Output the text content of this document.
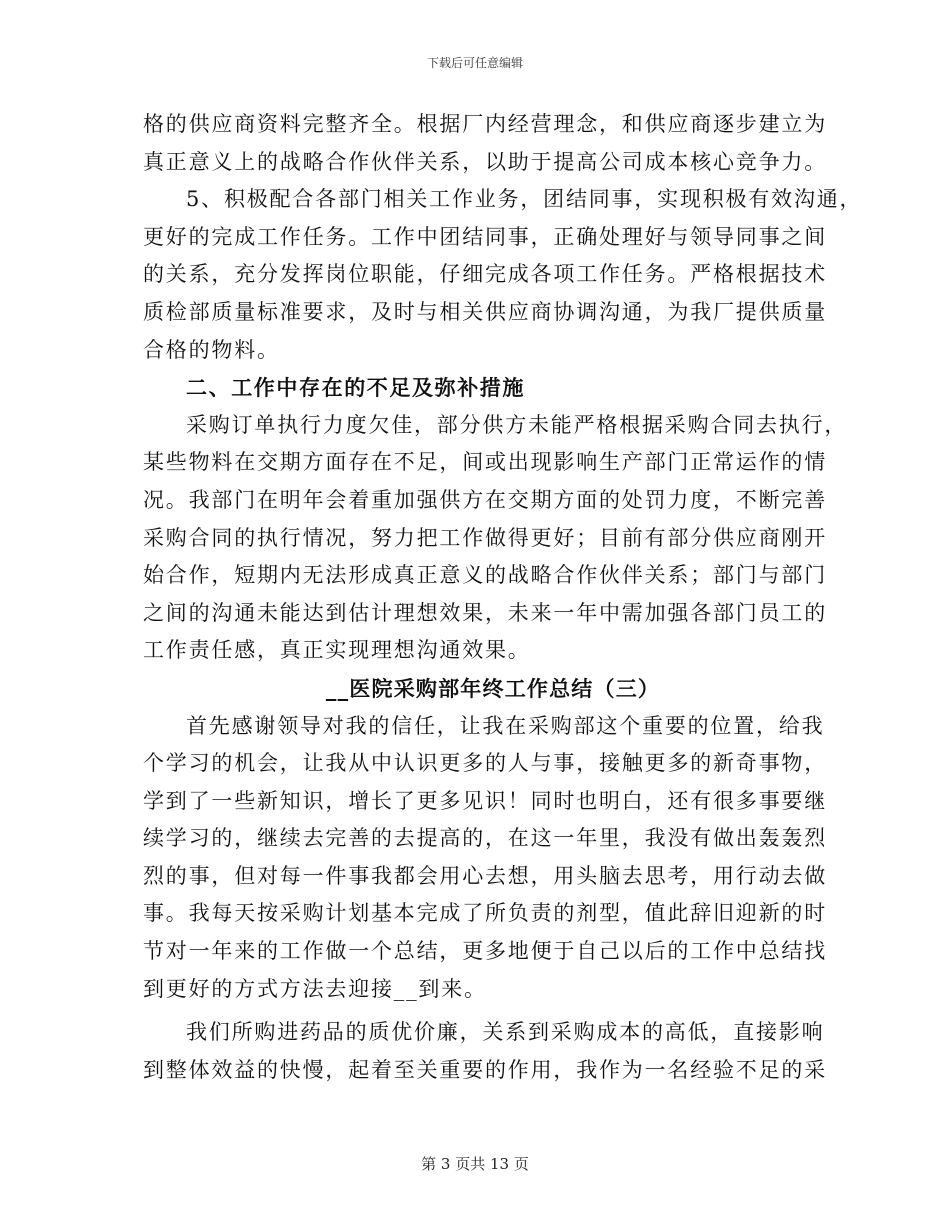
下载后可任意编辑
格的供应商资料完整齐全。根据厂内经营理念，和供应商逐步建立为
真正意义上的战略合作伙伴关系，以助于提高公司成本核心竞争力。
5、积极配合各部门相关工作业务，团结同事，实现积极有效沟通，
更好的完成工作任务。工作中团结同事，正确处理好与领导同事之间
的关系，充分发挥岗位职能，仔细完成各项工作任务。严格根据技术
质检部质量标准要求，及时与相关供应商协调沟通，为我厂提供质量
合格的物料。
二、工作中存在的不足及弥补措施
采购订单执行力度欠佳，部分供方未能严格根据采购合同去执行，
某些物料在交期方面存在不足，间或出现影响生产部门正常运作的情
况。我部门在明年会着重加强供方在交期方面的处罚力度，不断完善
采购合同的执行情况，努力把工作做得更好；目前有部分供应商刚开
始合作，短期内无法形成真正意义的战略合作伙伴关系；部门与部门
之间的沟通未能达到估计理想效果，未来一年中需加强各部门员工的
工作责任感，真正实现理想沟通效果。
__医院采购部年终工作总结（三）
首先感谢领导对我的信任，让我在采购部这个重要的位置，给我
个学习的机会，让我从中认识更多的人与事，接触更多的新奇事物，
学到了一些新知识，增长了更多见识！同时也明白，还有很多事要继
续学习的，继续去完善的去提高的，在这一年里，我没有做出轰轰烈
烈的事，但对每一件事我都会用心去想，用头脑去思考，用行动去做
事。我每天按采购计划基本完成了所负责的剂型，值此辞旧迎新的时
节对一年来的工作做一个总结，更多地便于自己以后的工作中总结找
到更好的方式方法去迎接__到来。
我们所购进药品的质优价廉，关系到采购成本的高低，直接影响
到整体效益的快慢，起着至关重要的作用，我作为一名经验不足的采
第 3 页共 13 页
